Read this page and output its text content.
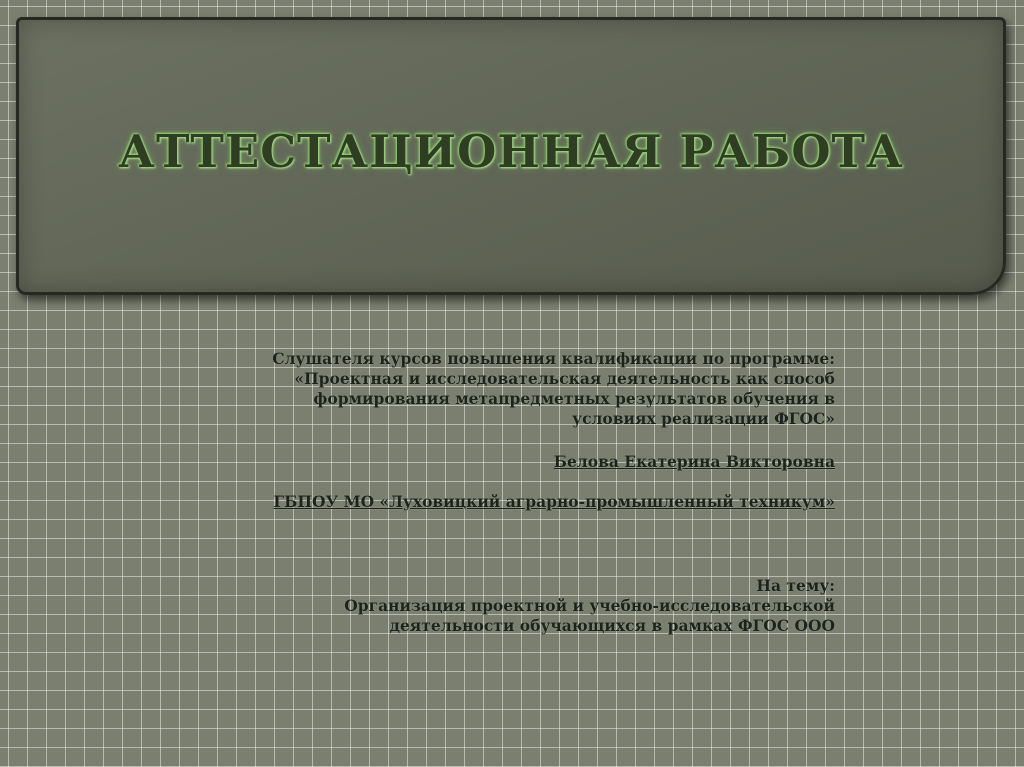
АТТЕСТАЦИОННАЯ РАБОТА
Слушателя курсов повышения квалификации по программе:
«Проектная и исследовательская деятельность как способ
формирования метапредметных результатов обучения в
условиях реализации ФГОС»
Белова Екатерина Викторовна
ГБПОУ МО «Луховицкий аграрно-промышленный техникум»
На тему:
Организация проектной и учебно-исследовательской
деятельности обучающихся в рамках ФГОС ООО
